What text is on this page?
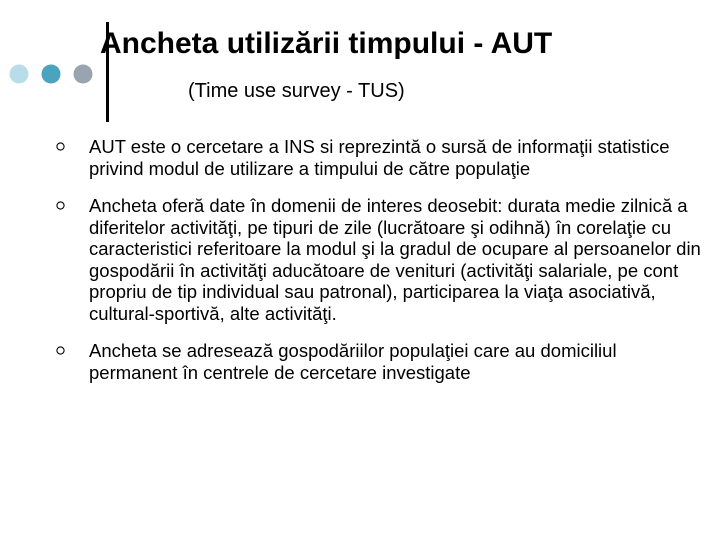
Ancheta utilizării timpului - AUT

(Time use survey - TUS)

AUT este o cercetare a INS si reprezintă o sursă de informaţii statistice privind modul de utilizare a timpului de către populaţie
Ancheta oferă date în domenii de interes deosebit: durata medie zilnică a diferitelor activităţi, pe tipuri de zile (lucrătoare şi odihnă) în corelaţie cu caracteristici referitoare la modul şi la gradul de ocupare al persoanelor din gospodării în activităţi aducătoare de venituri (activităţi salariale, pe cont propriu de tip individual sau patronal), participarea la viaţa asociativă, cultural-sportivă, alte activităţi.
Ancheta se adresează gospodăriilor populaţiei care au domiciliul permanent în centrele de cercetare investigate
